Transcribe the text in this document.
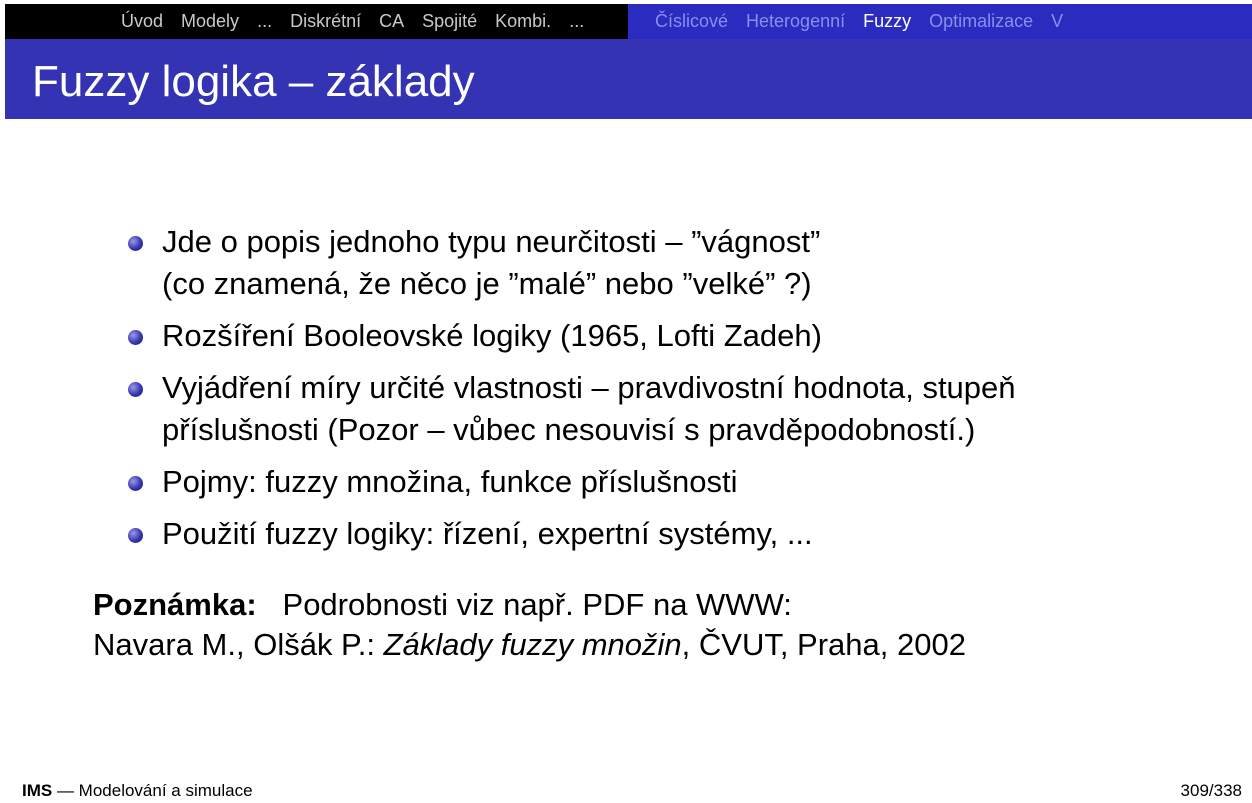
Úvod Modely ... Diskrétní CA Spojité Kombi. ...	Číslicové Heterogenní Fuzzy Optimalizace V
Fuzzy logika – základy
Jde o popis jednoho typu neurčitosti – ”vágnost”
(co znamená, že něco je ”malé” nebo ”velké” ?)
Rozšíření Booleovské logiky (1965, Lofti Zadeh)
Vyjádření míry určité vlastnosti – pravdivostní hodnota, stupeň
příslušnosti (Pozor – vůbec nesouvisí s pravděpodobností.)
Pojmy: fuzzy množina, funkce příslušnosti
Použití fuzzy logiky: řízení, expertní systémy, ...
Poznámka: Podrobnosti viz např. PDF na WWW:
Navara M., Olšák P.: Základy fuzzy množin, ČVUT, Praha, 2002
IMS — Modelování a simulace	309/338
